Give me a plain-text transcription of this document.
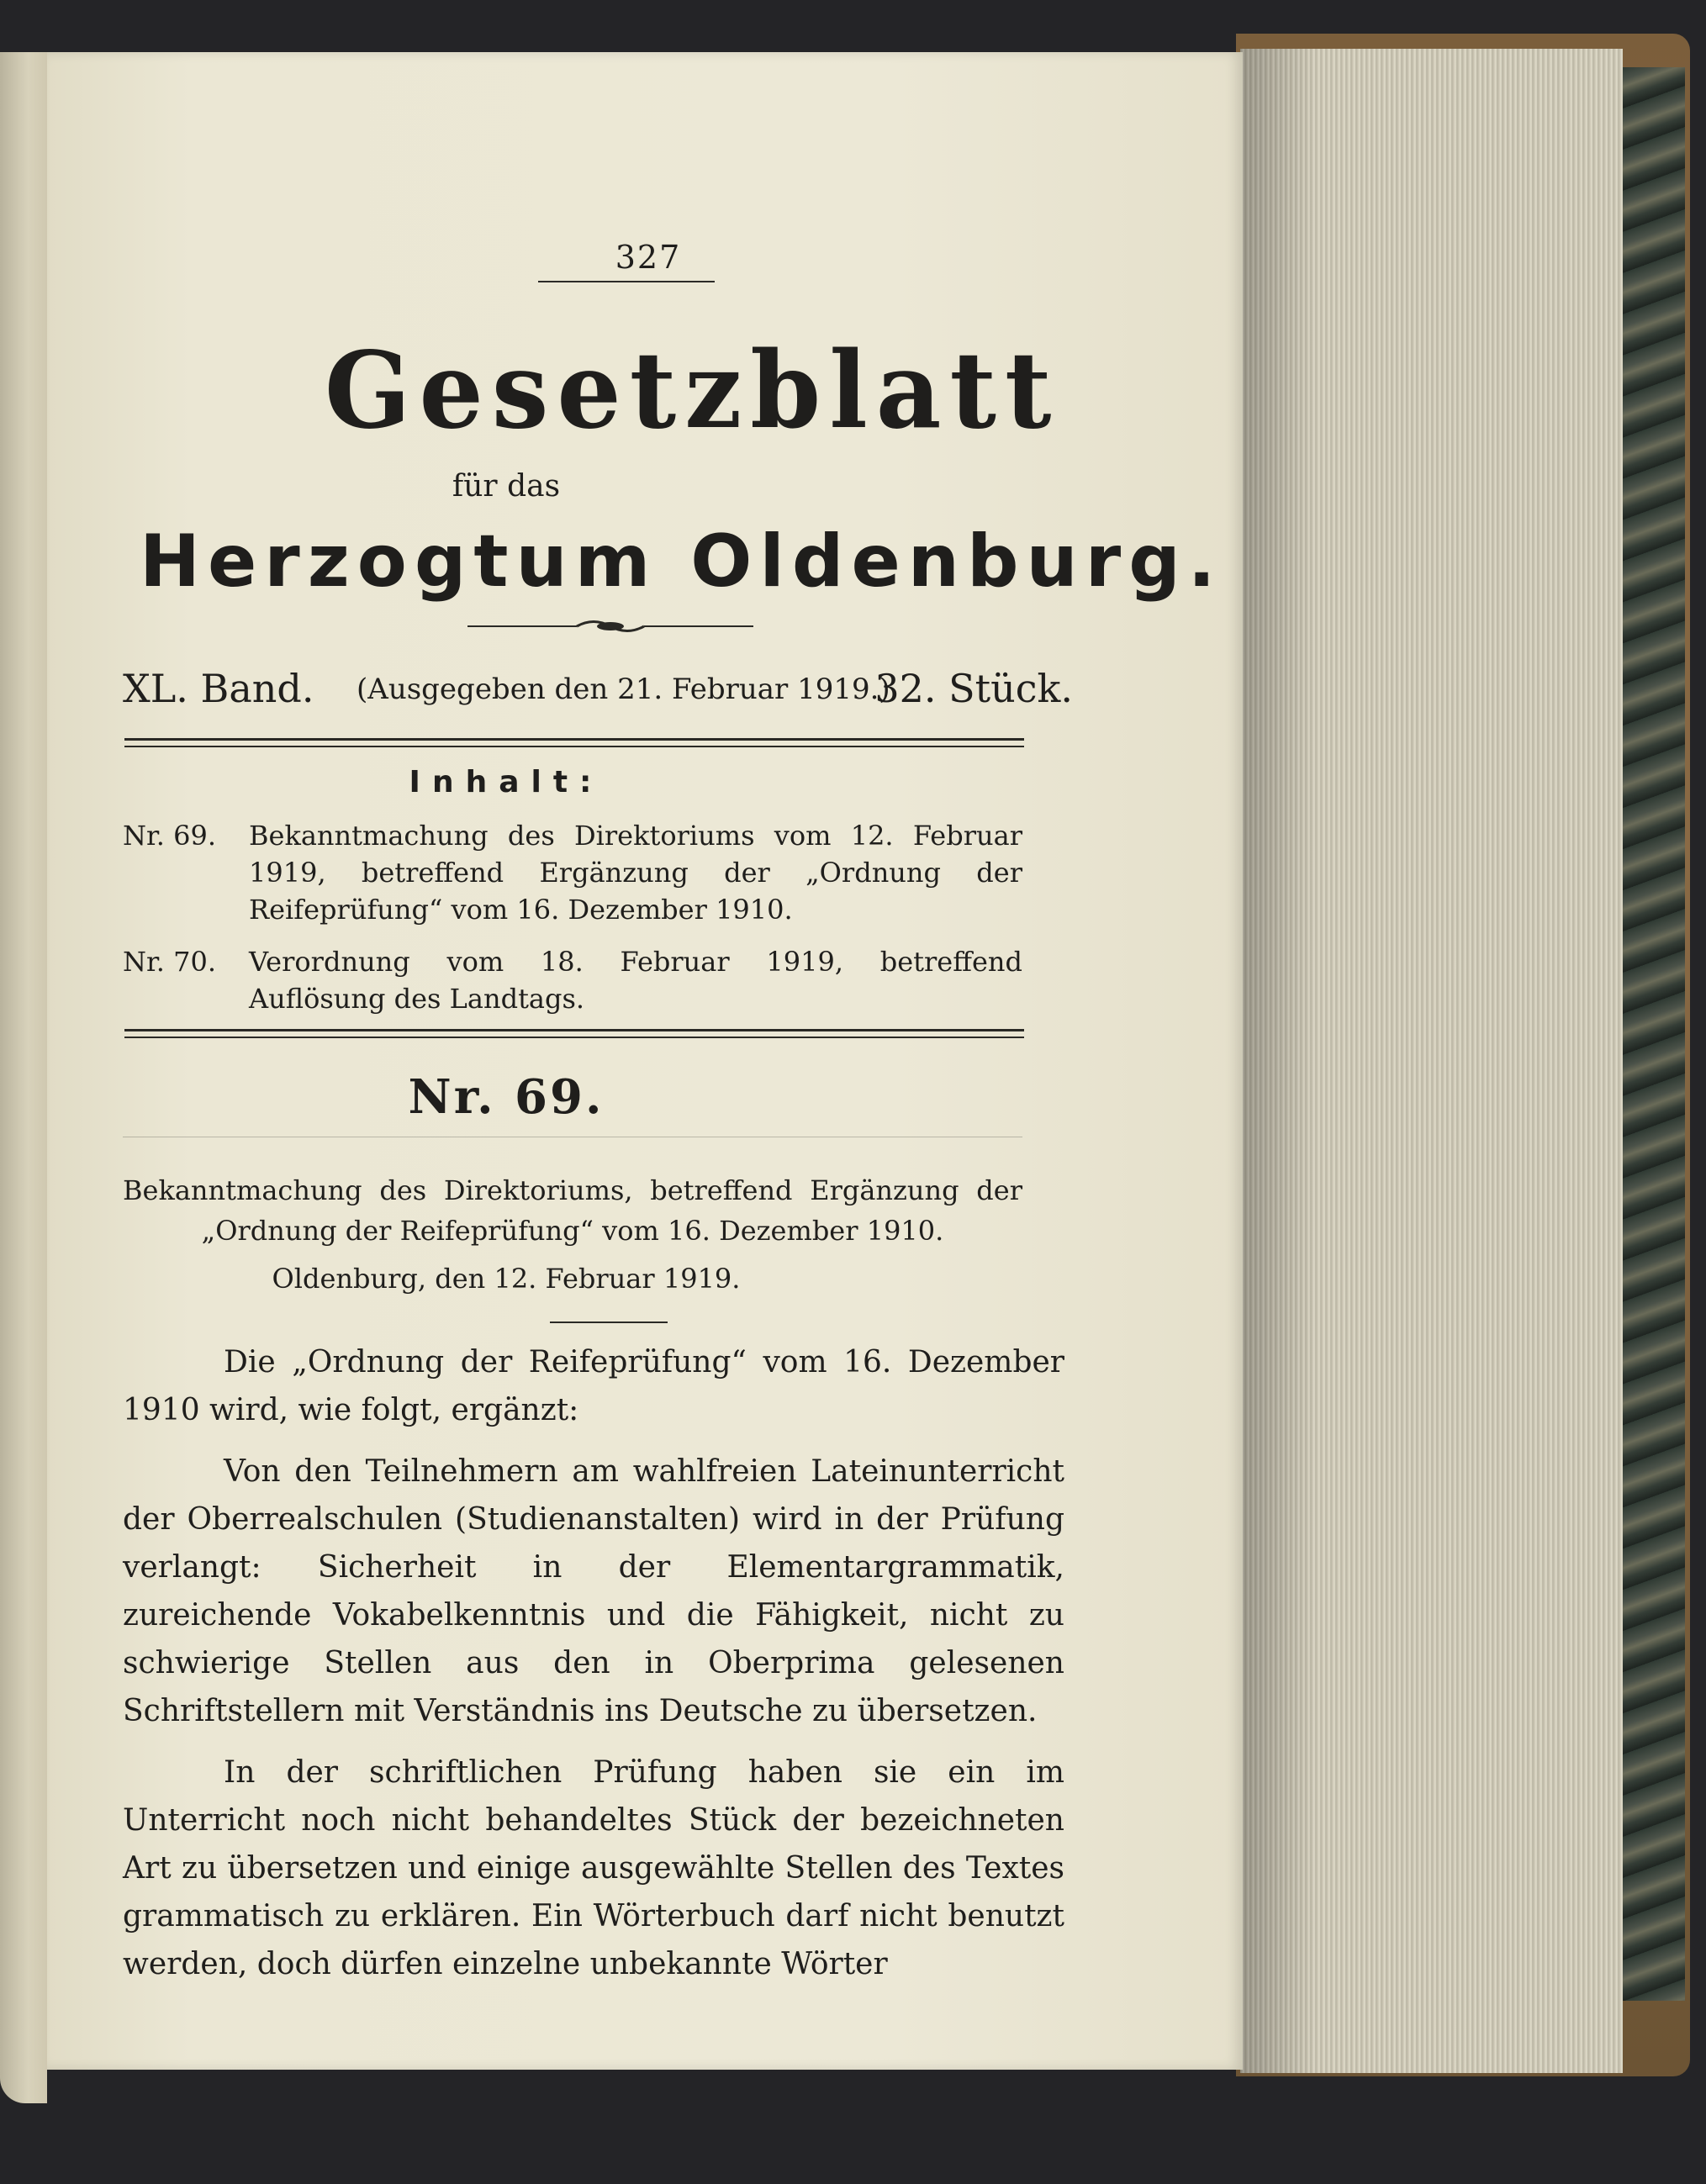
327
Gesetzblatt
für das
Herzogtum Oldenburg.
XL. Band. (Ausgegeben den 21. Februar 1919.)
32. Stück.
Inhalt:
Nr. 69. Bekanntmachung des Direktoriums vom 12. Februar 1919, betreffend Ergänzung der „Ordnung der Reifeprüfung“ vom 16. Dezember 1910.
Nr. 70. Verordnung vom 18. Februar 1919, betreffend Auflösung des Landtags.
Nr. 69.
Bekanntmachung des Direktoriums, betreffend Ergänzung der „Ordnung der Reifeprüfung“ vom 16. Dezember 1910.
Oldenburg, den 12. Februar 1919.

Die „Ordnung der Reifeprüfung“ vom 16. Dezember 1910 wird, wie folgt, ergänzt:

Von den Teilnehmern am wahlfreien Lateinunterricht der Oberrealschulen (Studienanstalten) wird in der Prüfung verlangt: Sicherheit in der Elementargrammatik, zureichende Vokabelkenntnis und die Fähigkeit, nicht zu schwierige Stellen aus den in Oberprima gelesenen Schriftstellern mit Verständnis ins Deutsche zu übersetzen.

In der schriftlichen Prüfung haben sie ein im Unterricht noch nicht behandeltes Stück der bezeichneten Art zu übersetzen und einige ausgewählte Stellen des Textes grammatisch zu erklären. Ein Wörterbuch darf nicht benutzt werden, doch dürfen einzelne unbekannte Wörter
